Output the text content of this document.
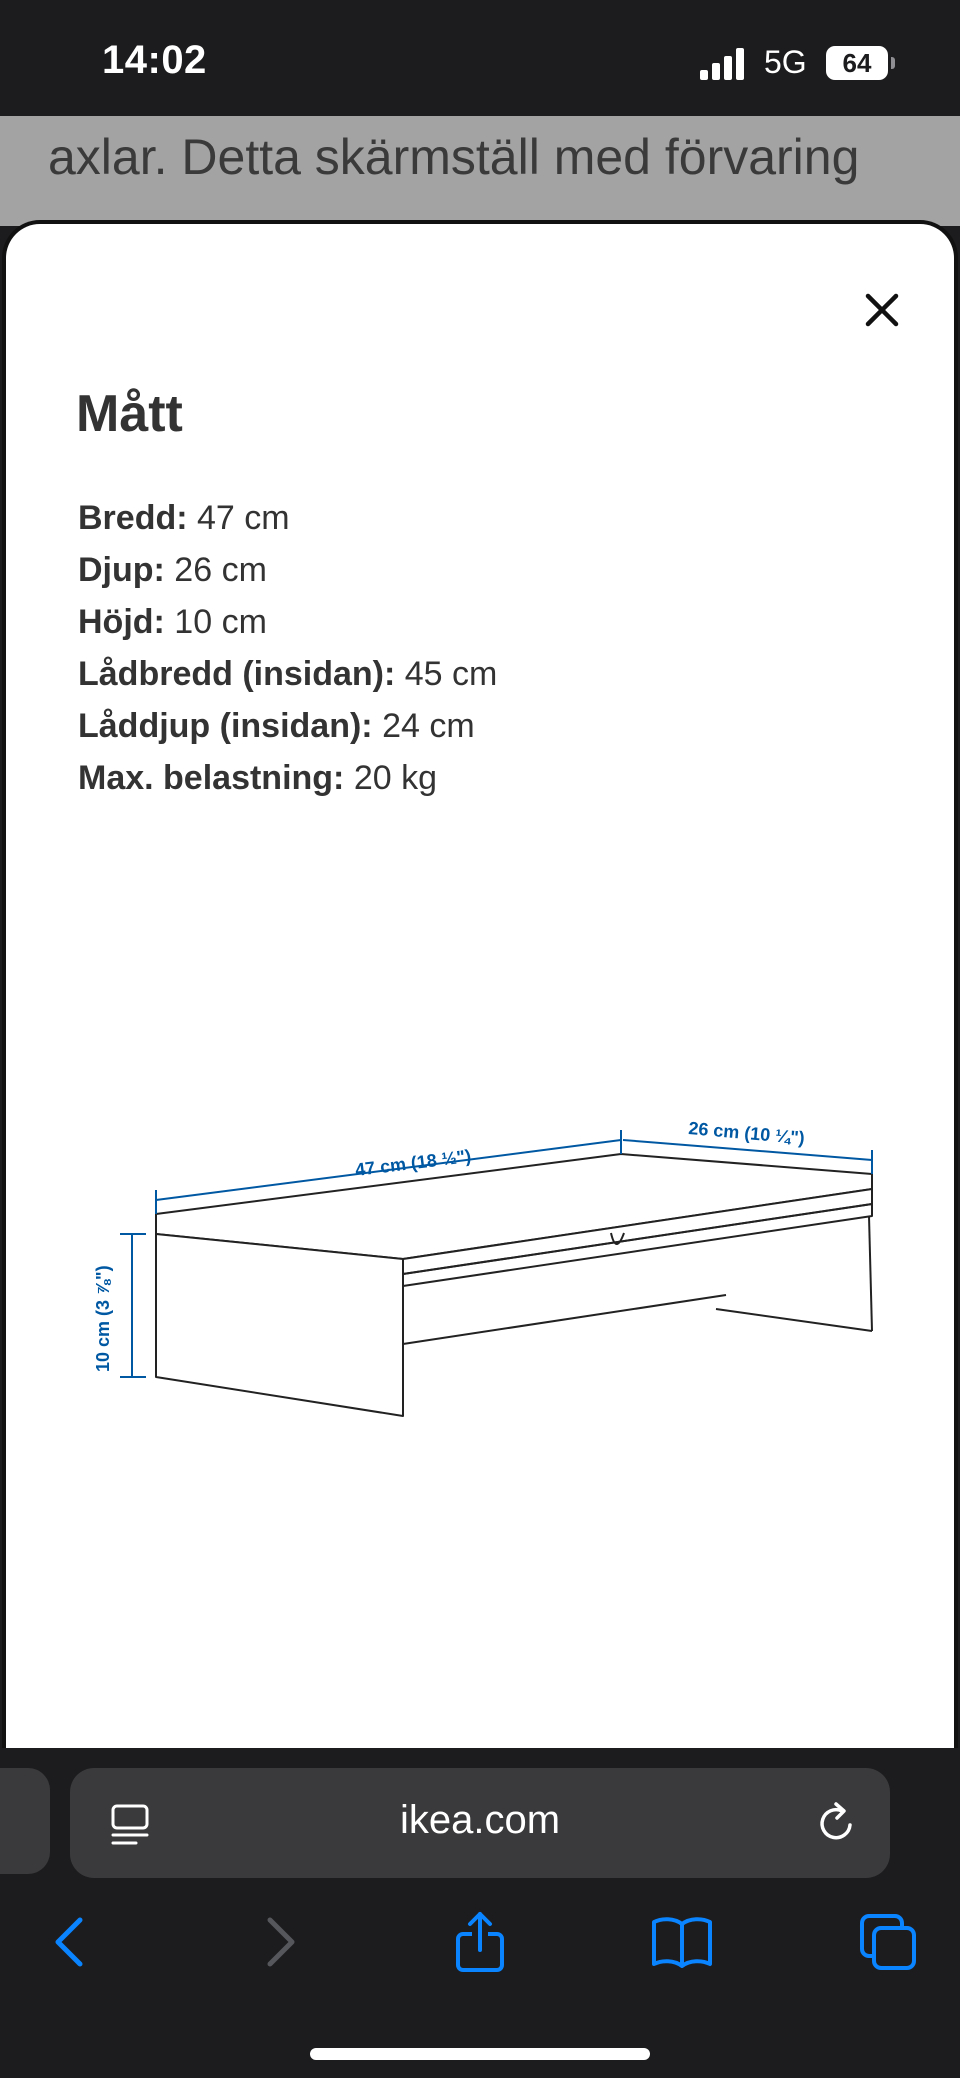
14:02	5G	64
axlar. Detta skärmställ med förvaring
Mått
Bredd: 47 cm
Djup: 26 cm
Höjd: 10 cm
Lådbredd (insidan): 45 cm
Låddjup (insidan): 24 cm
Max. belastning: 20 kg
47 cm (18 ½")
26 cm (10 ¼")
10 cm (3 ⅞")
ikea.com
